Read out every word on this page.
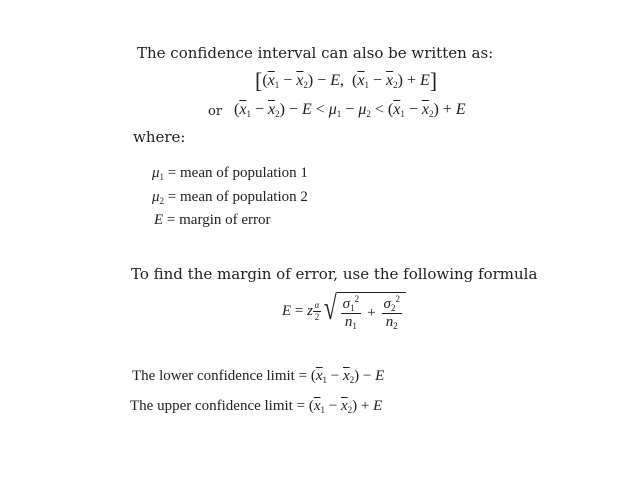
The confidence interval can also be written as:
[$(\overline{x}_1 - \overline{x}_2) - E$,  $(\overline{x}_1 - \overline{x}_2) + E$]
or $(\overline{x}_1 - \overline{x}_2) - E < \mu_1 - \mu_2 < (\overline{x}_1 - \overline{x}_2) + E$
where:
$\mu_1$ = mean of population 1
$\mu_2$ = mean of population 2
E = margin of error
To find the margin of error, use the following formula
E = z α
2 √ $\frac{\sigma_1^2}{n_1} + \frac{\sigma_2^2}{n_2}$
The lower confidence limit = $(\overline{x}_1 - \overline{x}_2) - E$
The upper confidence limit = $(\overline{x}_1 - \overline{x}_2) + E$
